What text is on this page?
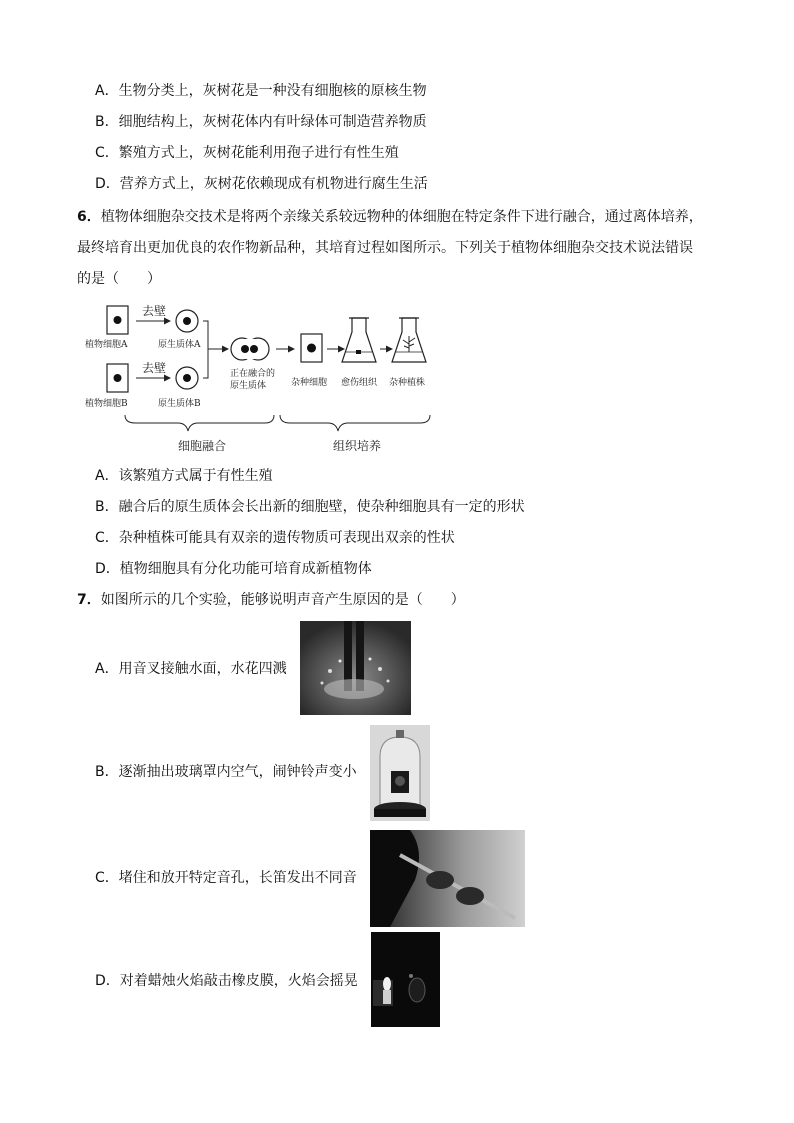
A．生物分类上，灰树花是一种没有细胞核的原核生物
B．细胞结构上，灰树花体内有叶绿体可制造营养物质
C．繁殖方式上，灰树花能利用孢子进行有性生殖
D．营养方式上，灰树花依赖现成有机物进行腐生生活
6．植物体细胞杂交技术是将两个亲缘关系较远物种的体细胞在特定条件下进行融合，通过离体培养，
最终培育出更加优良的农作物新品种，其培育过程如图所示。下列关于植物体细胞杂交技术说法错误
的是（　　）
去壁
植物细胞A	原生质体A
去壁
植物细胞B	原生质体B
正在融合的
原生质体	杂种细胞 愈伤组织 杂种植株
细胞融合	组织培养
A．该繁殖方式属于有性生殖
B．融合后的原生质体会长出新的细胞壁，使杂种细胞具有一定的形状
C．杂种植株可能具有双亲的遗传物质可表现出双亲的性状
D．植物细胞具有分化功能可培育成新植物体
7．如图所示的几个实验，能够说明声音产生原因的是（　　）
A．用音叉接触水面，水花四溅
B．逐渐抽出玻璃罩内空气，闹钟铃声变小
C．堵住和放开特定音孔，长笛发出不同音
D．对着蜡烛火焰敲击橡皮膜，火焰会摇晃
